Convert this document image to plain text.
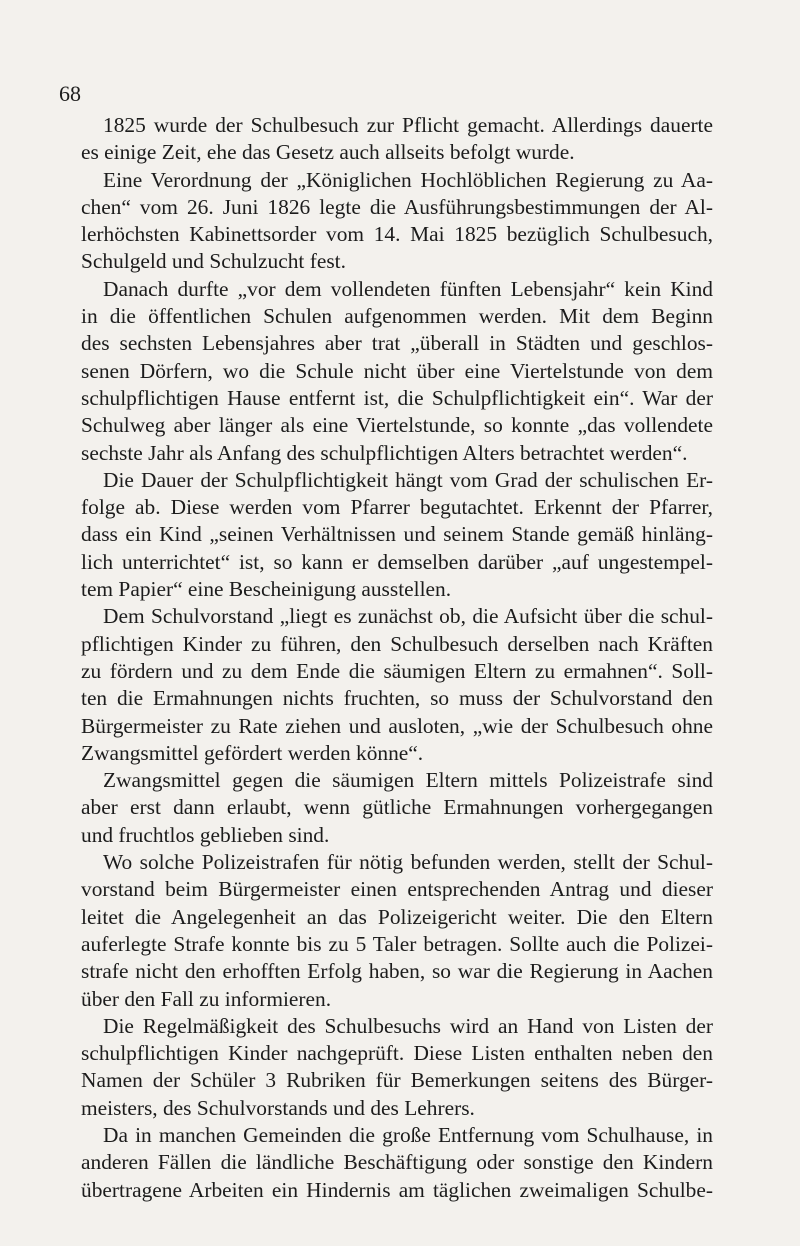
68
1825 wurde der Schulbesuch zur Pflicht gemacht. Allerdings dauerte
es einige Zeit, ehe das Gesetz auch allseits befolgt wurde.
Eine Verordnung der „Königlichen Hochlöblichen Regierung zu Aa-
chen“ vom 26. Juni 1826 legte die Ausführungsbestimmungen der Al-
lerhöchsten Kabinettsorder vom 14. Mai 1825 bezüglich Schulbesuch,
Schulgeld und Schulzucht fest.
Danach durfte „vor dem vollendeten fünften Lebensjahr“ kein Kind
in die öffentlichen Schulen aufgenommen werden. Mit dem Beginn
des sechsten Lebensjahres aber trat „überall in Städten und geschlos-
senen Dörfern, wo die Schule nicht über eine Viertelstunde von dem
schulpflichtigen Hause entfernt ist, die Schulpflichtigkeit ein“. War der
Schulweg aber länger als eine Viertelstunde, so konnte „das vollendete
sechste Jahr als Anfang des schulpflichtigen Alters betrachtet werden“.
Die Dauer der Schulpflichtigkeit hängt vom Grad der schulischen Er-
folge ab. Diese werden vom Pfarrer begutachtet. Erkennt der Pfarrer,
dass ein Kind „seinen Verhältnissen und seinem Stande gemäß hinläng-
lich unterrichtet“ ist, so kann er demselben darüber „auf ungestempel-
tem Papier“ eine Bescheinigung ausstellen.
Dem Schulvorstand „liegt es zunächst ob, die Aufsicht über die schul-
pflichtigen Kinder zu führen, den Schulbesuch derselben nach Kräften
zu fördern und zu dem Ende die säumigen Eltern zu ermahnen“. Soll-
ten die Ermahnungen nichts fruchten, so muss der Schulvorstand den
Bürgermeister zu Rate ziehen und ausloten, „wie der Schulbesuch ohne
Zwangsmittel gefördert werden könne“.
Zwangsmittel gegen die säumigen Eltern mittels Polizeistrafe sind
aber erst dann erlaubt, wenn gütliche Ermahnungen vorhergegangen
und fruchtlos geblieben sind.
Wo solche Polizeistrafen für nötig befunden werden, stellt der Schul-
vorstand beim Bürgermeister einen entsprechenden Antrag und dieser
leitet die Angelegenheit an das Polizeigericht weiter. Die den Eltern
auferlegte Strafe konnte bis zu 5 Taler betragen. Sollte auch die Polizei-
strafe nicht den erhofften Erfolg haben, so war die Regierung in Aachen
über den Fall zu informieren.
Die Regelmäßigkeit des Schulbesuchs wird an Hand von Listen der
schulpflichtigen Kinder nachgeprüft. Diese Listen enthalten neben den
Namen der Schüler 3 Rubriken für Bemerkungen seitens des Bürger-
meisters, des Schulvorstands und des Lehrers.
Da in manchen Gemeinden die große Entfernung vom Schulhause, in
anderen Fällen die ländliche Beschäftigung oder sonstige den Kindern
übertragene Arbeiten ein Hindernis am täglichen zweimaligen Schulbe-
